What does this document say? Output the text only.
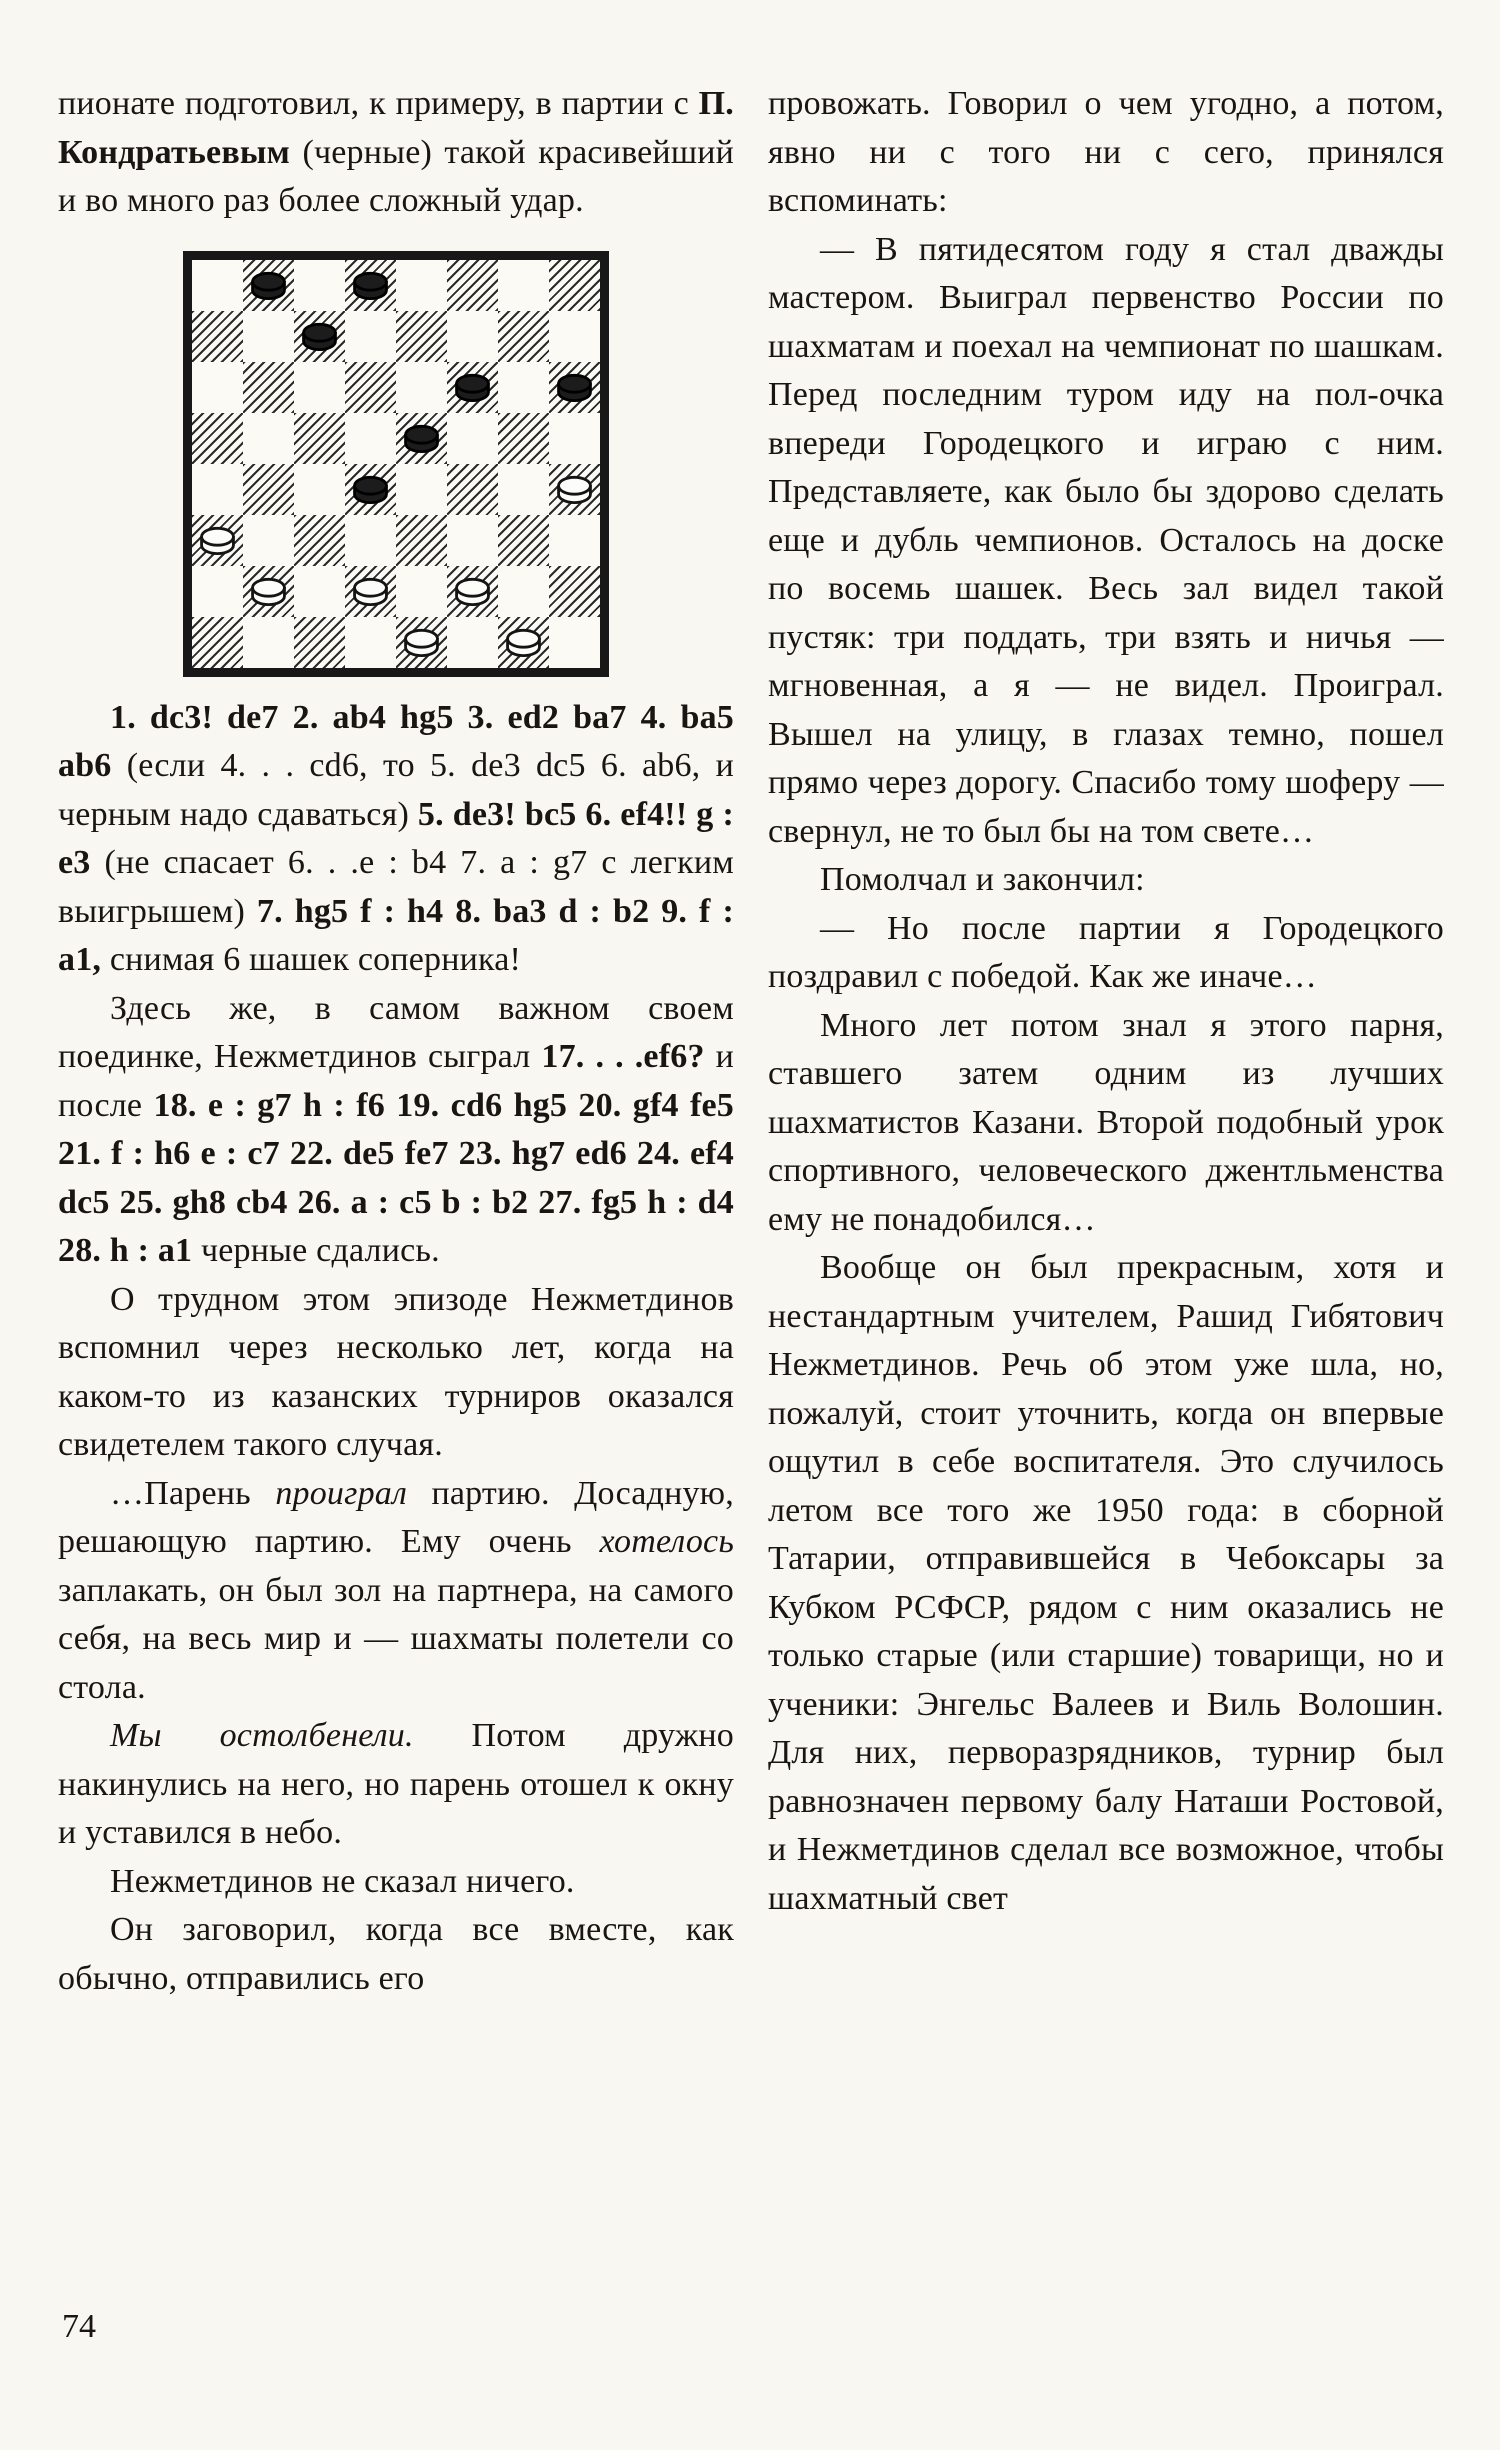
пионате подготовил, к примеру, в партии с П. Кондратьевым (черные) такой красивейший и во много раз более сложный удар.

1. dc3! de7 2. ab4 hg5 3. ed2 ba7 4. ba5 ab6 (если 4. . . cd6, то 5. de3 dc5 6. ab6, и черным надо сдаваться) 5. de3! bc5 6. ef4!! g : e3 (не спасает 6. . .e : b4 7. a : g7 с легким выигрышем) 7. hg5 f : h4 8. ba3 d : b2 9. f : a1, снимая 6 шашек соперника!

Здесь же, в самом важном своем поединке, Нежметдинов сыграл 17. . . .ef6? и после 18. e : g7 h : f6 19. cd6 hg5 20. gf4 fe5 21. f : h6 e : c7 22. de5 fe7 23. hg7 ed6 24. ef4 dc5 25. gh8 cb4 26. a : c5 b : b2 27. fg5 h : d4 28. h : a1 черные сдались.

О трудном этом эпизоде Нежметдинов вспомнил через несколько лет, когда на каком-то из казанских турниров оказался свидетелем такого случая.

…Парень проиграл партию. Досадную, решающую партию. Ему очень хотелось заплакать, он был зол на партнера, на самого себя, на весь мир и — шахматы полетели со стола.

Мы остолбенели. Потом дружно накинулись на него, но парень отошел к окну и уставился в небо.

Нежметдинов не сказал ничего.

Он заговорил, когда все вместе, как обычно, отправились его

провожать. Говорил о чем угодно, а потом, явно ни с того ни с сего, принялся вспоминать:

— В пятидесятом году я стал дважды мастером. Выиграл первенство России по шахматам и поехал на чемпионат по шашкам. Перед последним туром иду на пол-очка впереди Городецкого и играю с ним. Представляете, как было бы здорово сделать еще и дубль чемпионов. Осталось на доске по восемь шашек. Весь зал видел такой пустяк: три поддать, три взять и ничья — мгновенная, а я — не видел. Проиграл. Вышел на улицу, в глазах темно, пошел прямо через дорогу. Спасибо тому шоферу — свернул, не то был бы на том свете…

Помолчал и закончил:

— Но после партии я Городецкого поздравил с победой. Как же иначе…

Много лет потом знал я этого парня, ставшего затем одним из лучших шахматистов Казани. Второй подобный урок спортивного, человеческого джентльменства ему не понадобился…

Вообще он был прекрасным, хотя и нестандартным учителем, Рашид Гибятович Нежметдинов. Речь об этом уже шла, но, пожалуй, стоит уточнить, когда он впервые ощутил в себе воспитателя. Это случилось летом все того же 1950 года: в сборной Татарии, отправившейся в Чебоксары за Кубком РСФСР, рядом с ним оказались не только старые (или старшие) товарищи, но и ученики: Энгельс Валеев и Виль Волошин. Для них, перворазрядников, турнир был равнозначен первому балу Наташи Ростовой, и Нежметдинов сделал все возможное, чтобы шахматный свет

74
